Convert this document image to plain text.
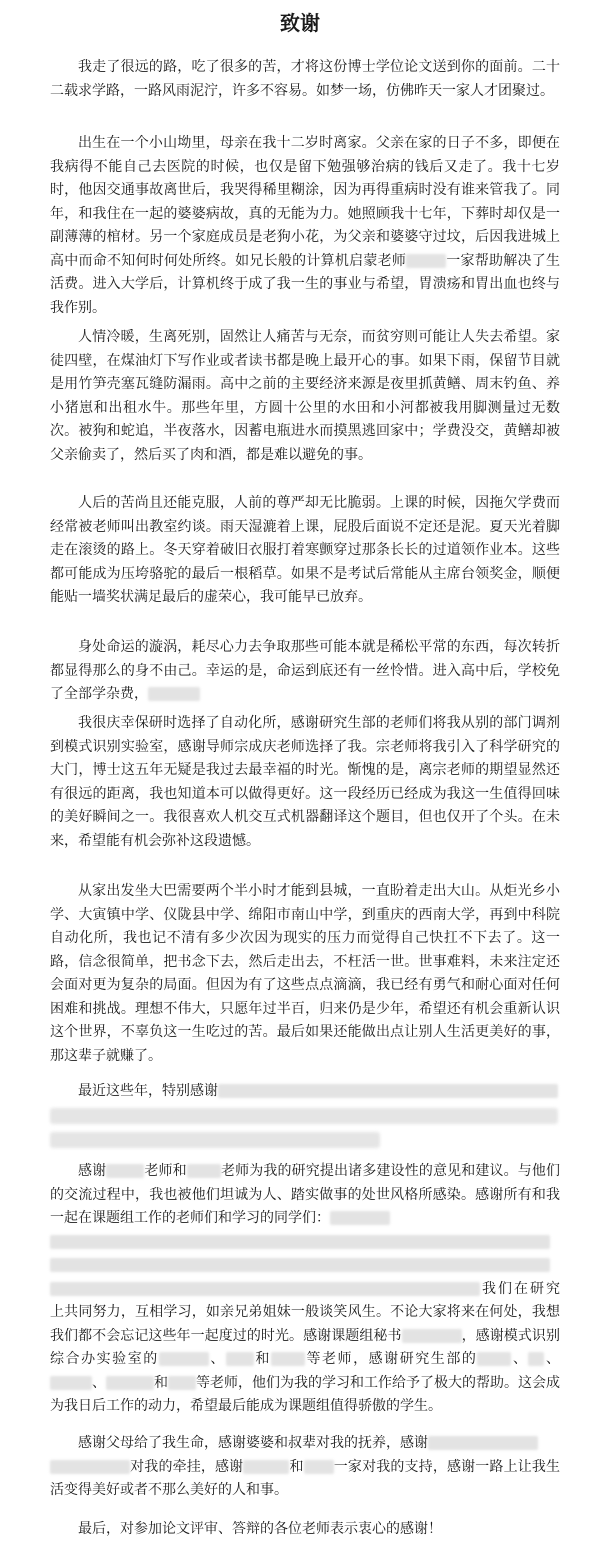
致谢

我走了很远的路，吃了很多的苦，才将这份博士学位论文送到你的面前。二十二载求学路，一路风雨泥泞，许多不容易。如梦一场，仿佛昨天一家人才团聚过。

出生在一个小山坳里，母亲在我十二岁时离家。父亲在家的日子不多，即便在我病得不能自己去医院的时候，也仅是留下勉强够治病的钱后又走了。我十七岁时，他因交通事故离世后，我哭得稀里糊涂，因为再得重病时没有谁来管我了。同年，和我住在一起的婆婆病故，真的无能为力。她照顾我十七年，下葬时却仅是一副薄薄的棺材。另一个家庭成员是老狗小花，为父亲和婆婆守过坟，后因我进城上高中而命不知何时何处所终。如兄长般的计算机启蒙老师	一家帮助解决了生活费。进入大学后，计算机终于成了我一生的事业与希望，胃溃疡和胃出血也终与我作别。

人情冷暖，生离死别，固然让人痛苦与无奈，而贫穷则可能让人失去希望。家徒四壁，在煤油灯下写作业或者读书都是晚上最开心的事。如果下雨，保留节目就是用竹笋壳塞瓦缝防漏雨。高中之前的主要经济来源是夜里抓黄鳝、周末钓鱼、养小猪崽和出租水牛。那些年里，方圆十公里的水田和小河都被我用脚测量过无数次。被狗和蛇追，半夜落水，因蓄电瓶进水而摸黑逃回家中；学费没交，黄鳝却被父亲偷卖了，然后买了肉和酒，都是难以避免的事。

人后的苦尚且还能克服，人前的尊严却无比脆弱。上课的时候，因拖欠学费而经常被老师叫出教室约谈。雨天湿漉着上课，屁股后面说不定还是泥。夏天光着脚走在滚烫的路上。冬天穿着破旧衣服打着寒颤穿过那条长长的过道领作业本。这些都可能成为压垮骆驼的最后一根稻草。如果不是考试后常能从主席台领奖金，顺便能贴一墙奖状满足最后的虚荣心，我可能早已放弃。

身处命运的漩涡，耗尽心力去争取那些可能本就是稀松平常的东西，每次转折都显得那么的身不由己。幸运的是，命运到底还有一丝怜惜。进入高中后，学校免了全部学杂费，

我很庆幸保研时选择了自动化所，感谢研究生部的老师们将我从别的部门调剂到模式识别实验室，感谢导师宗成庆老师选择了我。宗老师将我引入了科学研究的大门，博士这五年无疑是我过去最幸福的时光。惭愧的是，离宗老师的期望显然还有很远的距离，我也知道本可以做得更好。这一段经历已经成为我这一生值得回味的美好瞬间之一。我很喜欢人机交互式机器翻译这个题目，但也仅开了个头。在未来，希望能有机会弥补这段遗憾。

从家出发坐大巴需要两个半小时才能到县城，一直盼着走出大山。从炬光乡小学、大寅镇中学、仪陇县中学、绵阳市南山中学，到重庆的西南大学，再到中科院自动化所，我也记不清有多少次因为现实的压力而觉得自己快扛不下去了。这一路，信念很简单，把书念下去，然后走出去，不枉活一世。世事难料，未来注定还会面对更为复杂的局面。但因为有了这些点点滴滴，我已经有勇气和耐心面对任何困难和挑战。理想不伟大，只愿年过半百，归来仍是少年，希望还有机会重新认识这个世界，不辜负这一生吃过的苦。最后如果还能做出点让别人生活更美好的事，那这辈子就赚了。

最近这些年，特别感谢

感谢	老师和 老师为我的研究提出诸多建设性的意见和建议。与他们的交流过程中，我也被他们坦诚为人、踏实做事的处世风格所感染。感谢所有和我一起在课题组工作的老师们和学习的同学们：

我们在研究上共同努力，互相学习，如亲兄弟姐妹一般谈笑风生。不论大家将来在何处，我想我们都不会忘记这些年一起度过的时光。感谢课题组秘书	，感谢模式识别综合办实验室的	、 和 等老师，感谢研究生部的 、 、、	和 等老师，他们为我的学习和工作给予了极大的帮助。这会成为我日后工作的动力，希望最后能成为课题组值得骄傲的学生。

感谢父母给了我生命，感谢婆婆和叔辈对我的抚养，感谢
对我的牵挂，感谢	和 一家对我的支持，感谢一路上让我生活变得美好或者不那么美好的人和事。

最后，对参加论文评审、答辩的各位老师表示衷心的感谢！
